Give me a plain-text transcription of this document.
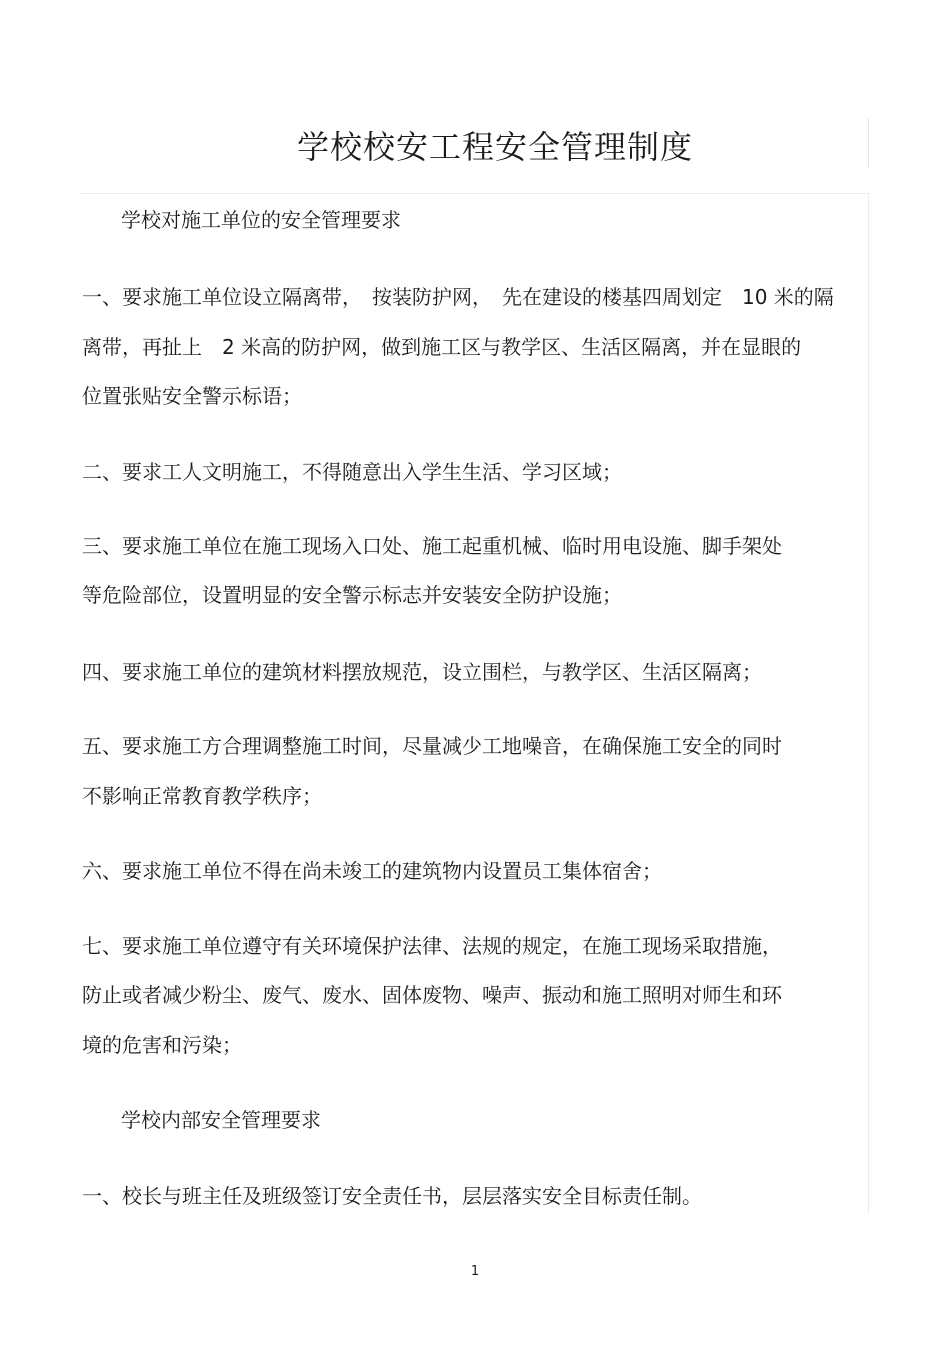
学校校安工程安全管理制度
学校对施工单位的安全管理要求
一、要求施工单位设立隔离带，　按装防护网，　先在建设的楼基四周划定　10 米的隔
离带，再扯上　2 米高的防护网，做到施工区与教学区、生活区隔离，并在显眼的
位置张贴安全警示标语；
二、要求工人文明施工，不得随意出入学生生活、学习区域；
三、要求施工单位在施工现场入口处、施工起重机械、临时用电设施、脚手架处
等危险部位，设置明显的安全警示标志并安装安全防护设施；
四、要求施工单位的建筑材料摆放规范，设立围栏，与教学区、生活区隔离；
五、要求施工方合理调整施工时间，尽量减少工地噪音，在确保施工安全的同时
不影响正常教育教学秩序；
六、要求施工单位不得在尚未竣工的建筑物内设置员工集体宿舍；
七、要求施工单位遵守有关环境保护法律、法规的规定，在施工现场采取措施，
防止或者减少粉尘、废气、废水、固体废物、噪声、振动和施工照明对师生和环
境的危害和污染；
学校内部安全管理要求
一、校长与班主任及班级签订安全责任书，层层落实安全目标责任制。
1
